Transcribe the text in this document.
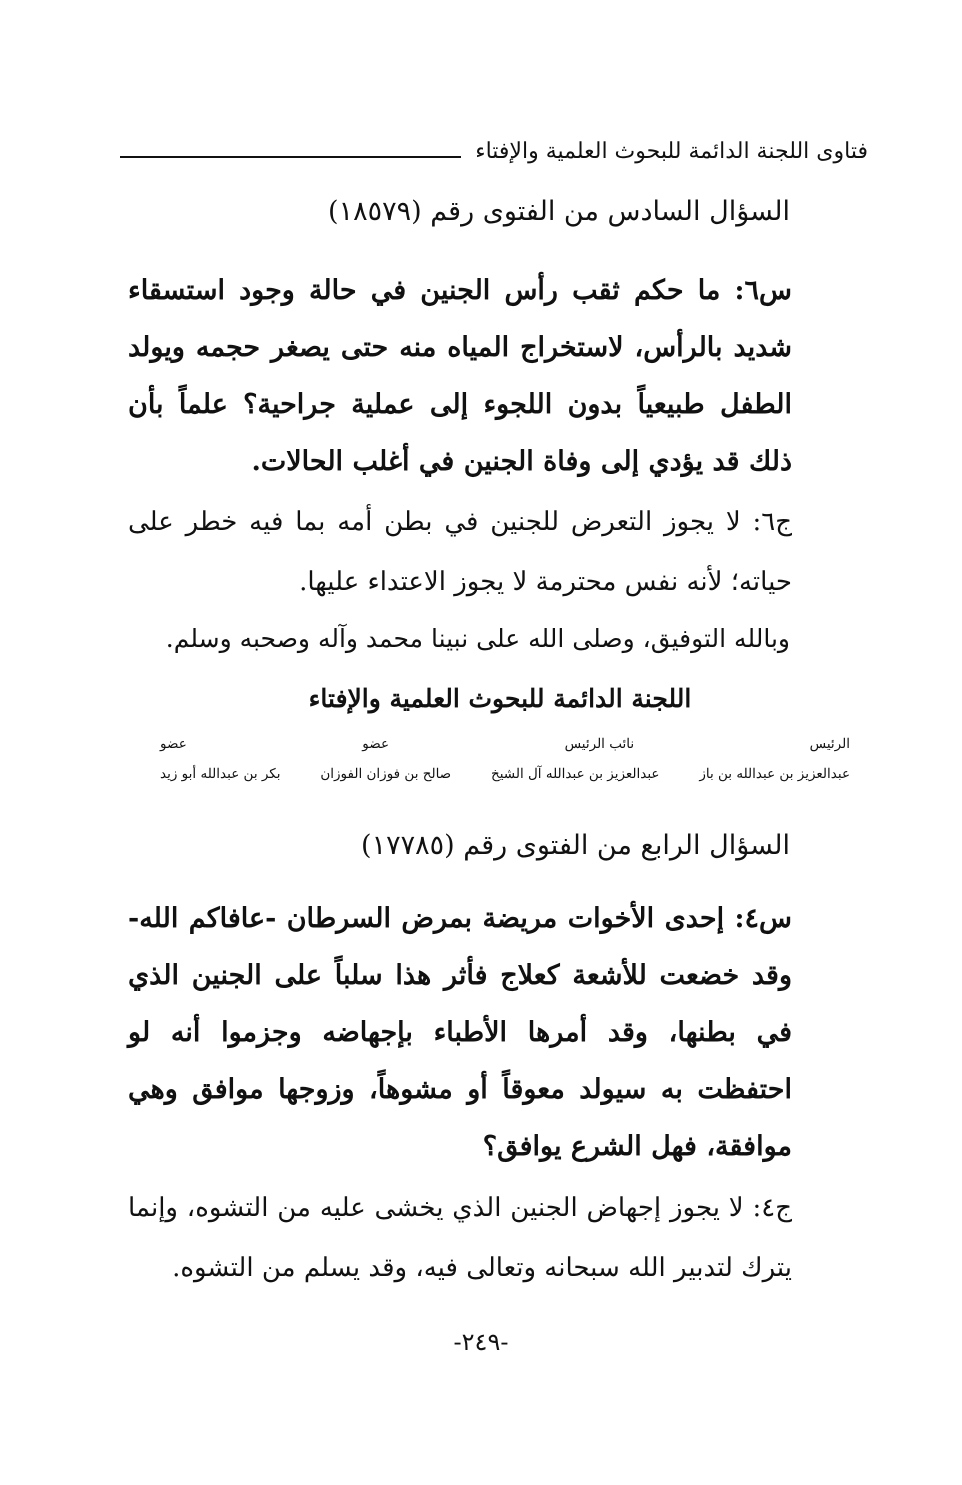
فتاوى اللجنة الدائمة للبحوث العلمية والإفتاء
السؤال السادس من الفتوى رقم (١٨٥٧٩)
س٦: ما حكم ثقب رأس الجنين في حالة وجود استسقاء شديد بالرأس، لاستخراج المياه منه حتى يصغر حجمه ويولد الطفل طبيعياً بدون اللجوء إلى عملية جراحية؟ علماً بأن ذلك قد يؤدي إلى وفاة الجنين في أغلب الحالات.
ج٦: لا يجوز التعرض للجنين في بطن أمه بما فيه خطر على حياته؛ لأنه نفس محترمة لا يجوز الاعتداء عليها.
وبالله التوفيق، وصلى الله على نبينا محمد وآله وصحبه وسلم.
اللجنة الدائمة للبحوث العلمية والإفتاء
عضو	عضو	نائب الرئيس	الرئيس
بكر بن عبدالله أبو زيد	صالح بن فوزان الفوزان	عبدالعزيز بن عبدالله آل الشيخ	عبدالعزيز بن عبدالله بن باز
السؤال الرابع من الفتوى رقم (١٧٧٨٥)
س٤: إحدى الأخوات مريضة بمرض السرطان -عافاكم الله- وقد خضعت للأشعة كعلاج فأثر هذا سلباً على الجنين الذي في بطنها، وقد أمرها الأطباء بإجهاضه وجزموا أنه لو احتفظت به سيولد معوقاً أو مشوهاً، وزوجها موافق وهي موافقة، فهل الشرع يوافق؟
ج٤: لا يجوز إجهاض الجنين الذي يخشى عليه من التشوه، وإنما يترك لتدبير الله سبحانه وتعالى فيه، وقد يسلم من التشوه.
-٢٤٩-
